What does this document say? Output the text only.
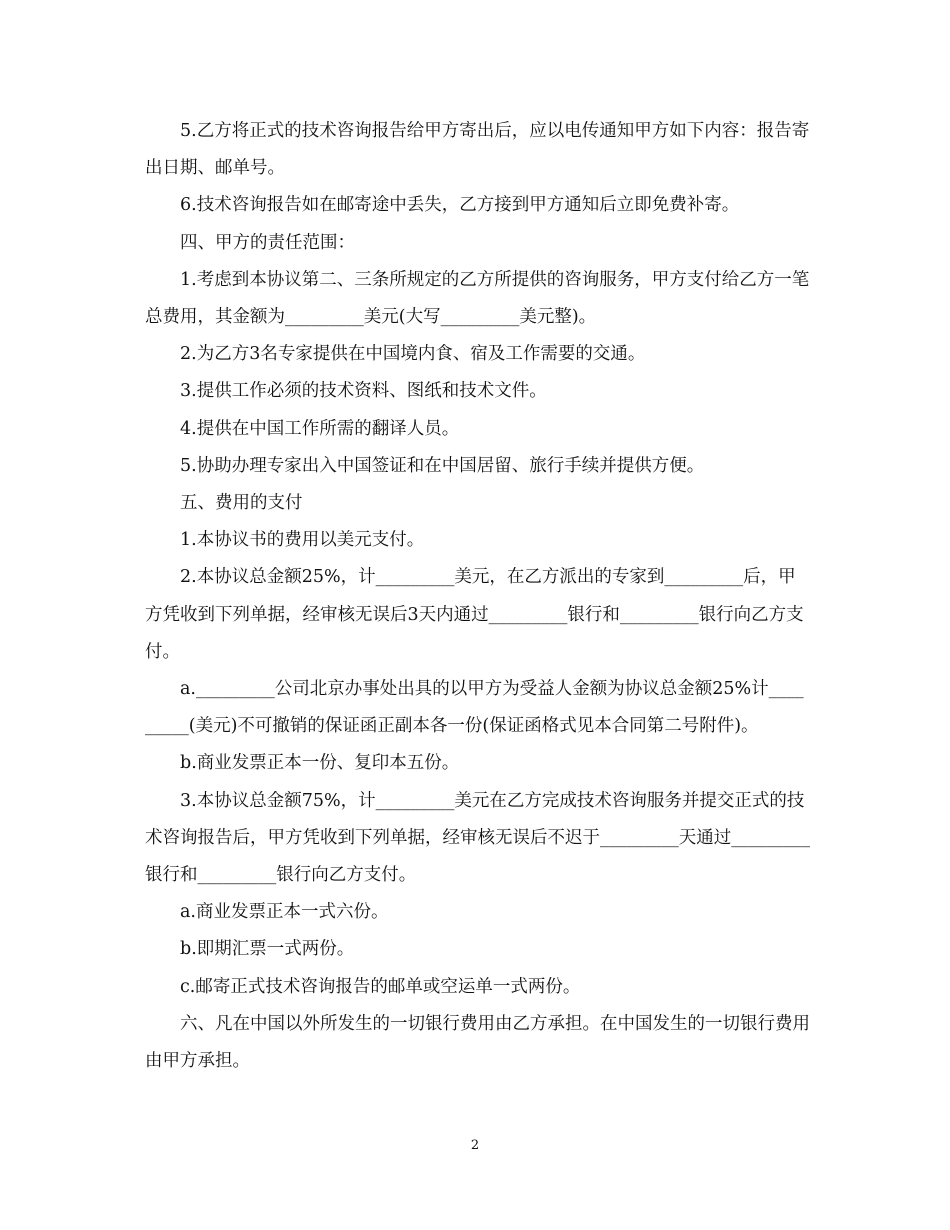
5.乙方将正式的技术咨询报告给甲方寄出后，应以电传通知甲方如下内容：报告寄出日期、邮单号。

6.技术咨询报告如在邮寄途中丢失，乙方接到甲方通知后立即免费补寄。

四、甲方的责任范围：

1.考虑到本协议第二、三条所规定的乙方所提供的咨询服务，甲方支付给乙方一笔总费用，其金额为_________美元(大写_________美元整)。

2.为乙方3名专家提供在中国境内食、宿及工作需要的交通。

3.提供工作必须的技术资料、图纸和技术文件。

4.提供在中国工作所需的翻译人员。

5.协助办理专家出入中国签证和在中国居留、旅行手续并提供方便。

五、费用的支付

1.本协议书的费用以美元支付。

2.本协议总金额25%，计_________美元，在乙方派出的专家到_________后，甲方凭收到下列单据，经审核无误后3天内通过_________银行和_________银行向乙方支付。

a._________公司北京办事处出具的以甲方为受益人金额为协议总金额25%计_________(美元)不可撤销的保证函正副本各一份(保证函格式见本合同第二号附件)。

b.商业发票正本一份、复印本五份。

3.本协议总金额75%，计_________美元在乙方完成技术咨询服务并提交正式的技术咨询报告后，甲方凭收到下列单据，经审核无误后不迟于_________天通过_________银行和_________银行向乙方支付。

a.商业发票正本一式六份。

b.即期汇票一式两份。

c.邮寄正式技术咨询报告的邮单或空运单一式两份。

六、凡在中国以外所发生的一切银行费用由乙方承担。在中国发生的一切银行费用由甲方承担。

2
